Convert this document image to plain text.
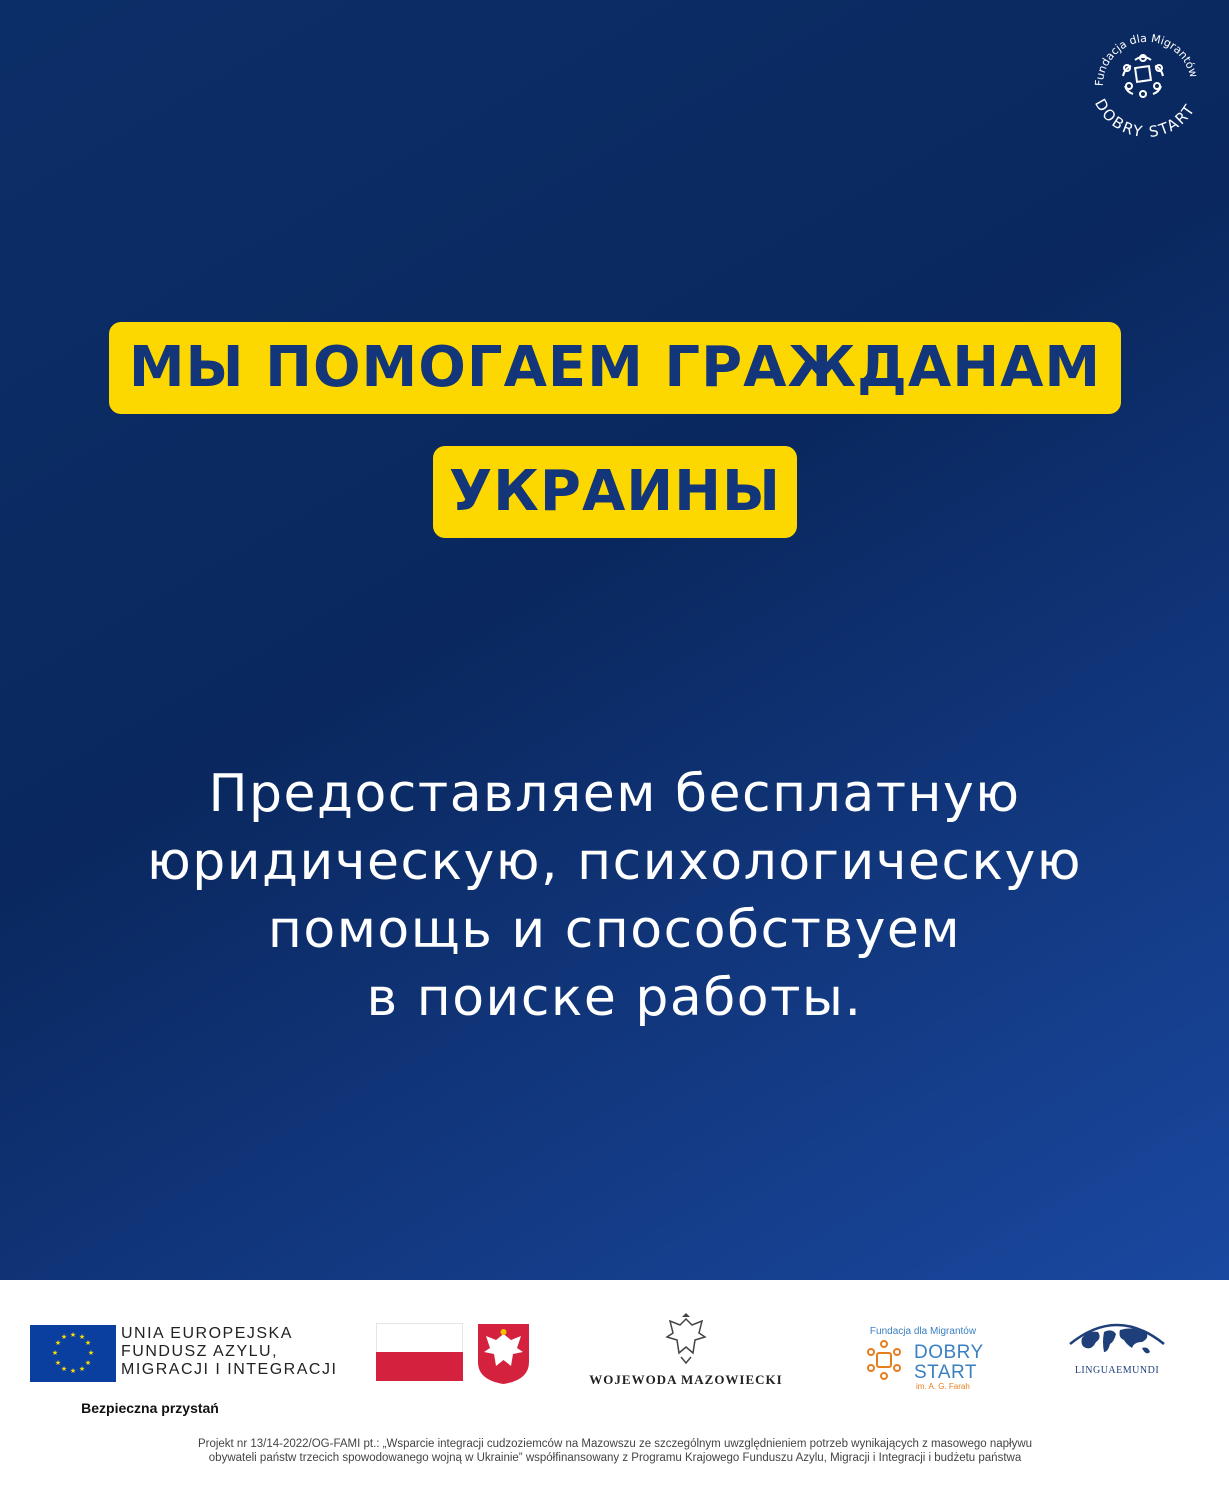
Fundacja dla Migrantów
DOBRY START
МЫ ПОМОГАЕМ ГРАЖДАНАМ
УКРАИНЫ
Предоставляем бесплатную
юридическую, психологическую
помощь и способствуем
в поиске работы.
★ ★
★
★
★
★
★
★
★
★
★
★	UNIA EUROPEJSKA
FUNDUSZ AZYLU,
MIGRACJI I INTEGRACJI
Bezpieczna przystań
WOJEWODA MAZOWIECKI
Fundacja dla Migrantów
DOBRY
START
im. A. G. Farah
LINGUAEMUNDI
Projekt nr 13/14-2022/OG-FAMI pt.: „Wsparcie integracji cudzoziemców na Mazowszu ze szczególnym uwzględnieniem potrzeb wynikających z masowego napływu
obywateli państw trzecich spowodowanego wojną w Ukrainie” współfinansowany z Programu Krajowego Funduszu Azylu, Migracji i Integracji i budżetu państwa
